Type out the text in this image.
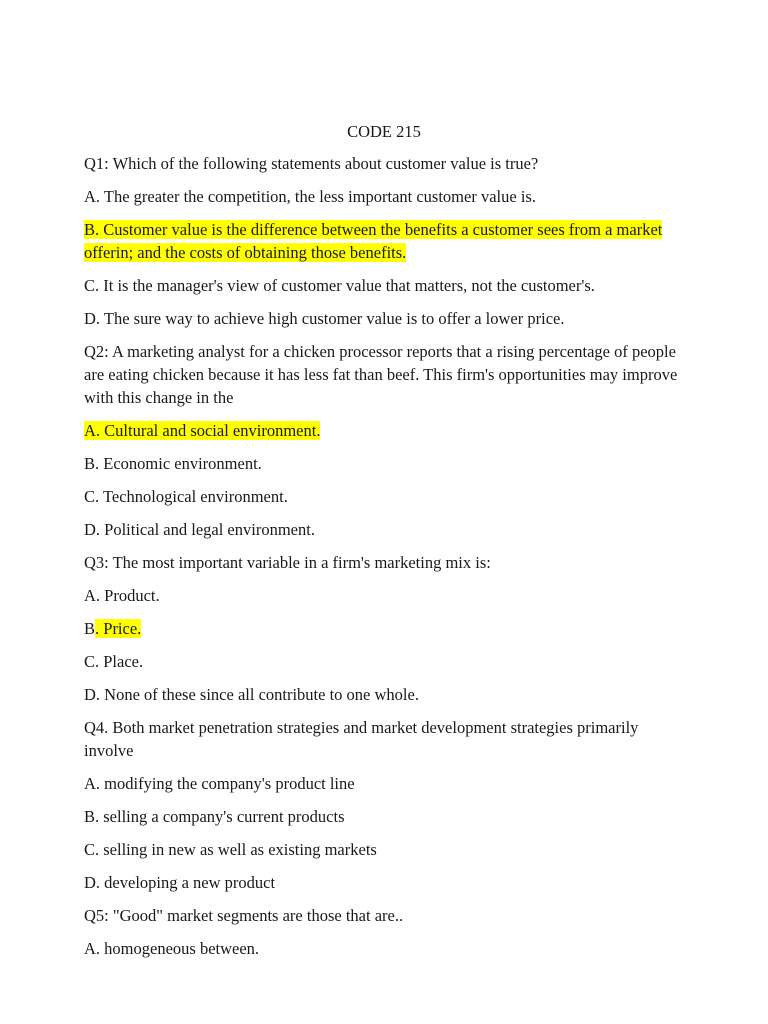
CODE 215

Q1: Which of the following statements about customer value is true?

A. The greater the competition, the less important customer value is.

B. Customer value is the difference between the benefits a customer sees from a market offerin; and the costs of obtaining those benefits.

C. It is the manager's view of customer value that matters, not the customer's.

D. The sure way to achieve high customer value is to offer a lower price.

Q2: A marketing analyst for a chicken processor reports that a rising percentage of people are eating chicken because it has less fat than beef. This firm's opportunities may improve with this change in the

A. Cultural and social environment.

B. Economic environment.

C. Technological environment.

D. Political and legal environment.

Q3: The most important variable in a firm's marketing mix is:

A. Product.

B. Price.

C. Place.

D. None of these since all contribute to one whole.

Q4. Both market penetration strategies and market development strategies primarily involve

A. modifying the company's product line

B. selling a company's current products

C. selling in new as well as existing markets

D. developing a new product

Q5: "Good" market segments are those that are..

A. homogeneous between.
